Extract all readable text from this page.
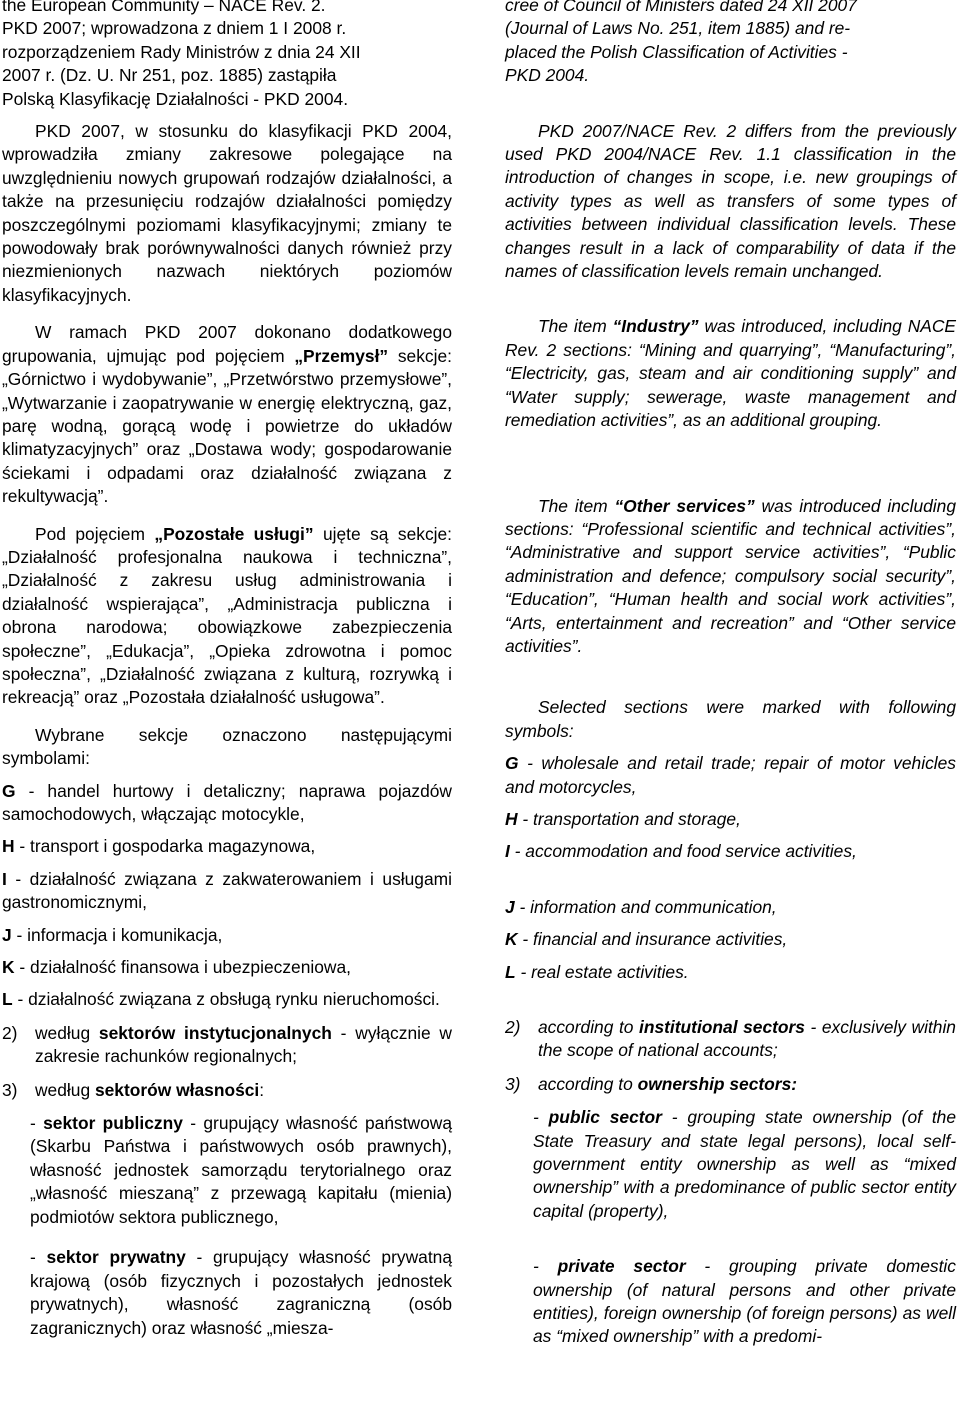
the European Community – NACE Rev. 2.
PKD 2007; wprowadzona z dniem 1 I 2008 r.
rozporządzeniem Rady Ministrów z dnia 24 XII
2007 r. (Dz. U. Nr 251, poz. 1885) zastąpiła
Polską Klasyfikację Działalności - PKD 2004.

PKD 2007, w stosunku do klasyfikacji PKD 2004, wprowadziła zmiany zakresowe polegające na uwzględnieniu nowych grupowań rodzajów działalności, a także na przesunięciu rodzajów działalności pomiędzy poszczególnymi poziomami klasyfikacyjnymi; zmiany te powodowały brak porównywalności danych również przy niezmienionych nazwach niektórych poziomów klasyfikacyjnych.

W ramach PKD 2007 dokonano dodatkowego grupowania, ujmując pod pojęciem „Przemysł” sekcje: „Górnictwo i wydobywanie”, „Przetwórstwo przemysłowe”, „Wytwarzanie i zaopatrywanie w energię elektryczną, gaz, parę wodną, gorącą wodę i powietrze do układów klimatyzacyjnych” oraz „Dostawa wody; gospodarowanie ściekami i odpadami oraz działalność związana z rekultywacją”.

Pod pojęciem „Pozostałe usługi” ujęte są sekcje: „Działalność profesjonalna naukowa i techniczna”, „Działalność z zakresu usług administrowania i działalność wspierająca”, „Administracja publiczna i obrona narodowa; obowiązkowe zabezpieczenia społeczne”, „Edukacja”, „Opieka zdrowotna i pomoc społeczna”, „Działalność związana z kulturą, rozrywką i rekreacją” oraz „Pozostała działalność usługowa”.

Wybrane sekcje oznaczono następującymi symbolami:

G - handel hurtowy i detaliczny; naprawa pojazdów samochodowych, włączając motocykle,

H - transport i gospodarka magazynowa,

I - działalność związana z zakwaterowaniem i usługami gastronomicznymi,

J - informacja i komunikacja,

K - działalność finansowa i ubezpieczeniowa,

L - działalność związana z obsługą rynku nieruchomości.

2)	według sektorów instytucjonalnych - wyłącznie w zakresie rachunków regionalnych;
3)	według sektorów własności:

- sektor publiczny - grupujący własność państwową (Skarbu Państwa i państwowych osób prawnych), własność jednostek samorządu terytorialnego oraz „własność mieszaną” z przewagą kapitału (mienia) podmiotów sektora publicznego,

- sektor prywatny - grupujący własność prywatną krajową (osób fizycznych i pozostałych jednostek prywatnych), własność zagraniczną (osób zagranicznych) oraz własność „miesza-

cree of Council of Ministers dated 24 XII 2007
(Journal of Laws No. 251, item 1885) and re-
placed the Polish Classification of Activities -
PKD 2004.

PKD 2007/NACE Rev. 2 differs from the previously used PKD 2004/NACE Rev. 1.1 classification in the introduction of changes in scope, i.e. new groupings of activity types as well as transfers of some types of activities between individual classification levels. These changes result in a lack of comparability of data if the names of classification levels remain unchanged.

The item “Industry” was introduced, including NACE Rev. 2 sections: “Mining and quarrying”, “Manufacturing”, “Electricity, gas, steam and air conditioning supply” and “Water supply; sewerage, waste management and remediation activities”, as an additional grouping.

The item “Other services” was introduced including sections: “Professional scientific and technical activities”, “Administrative and support service activities”, “Public administration and defence; compulsory social security”, “Education”, “Human health and social work activities”, “Arts, entertainment and recreation” and “Other service activities”.

Selected sections were marked with following symbols:

G - wholesale and retail trade; repair of motor vehicles and motorcycles,

H - transportation and storage,

I - accommodation and food service activities,

J - information and communication,

K - financial and insurance activities,

L - real estate activities.

2)	according to institutional sectors - exclusively within the scope of national accounts;
3)	according to ownership sectors:

- public sector - grouping state ownership (of the State Treasury and state legal persons), local self-government entity ownership as well as “mixed ownership” with a predominance of public sector entity capital (property),

- private sector - grouping private domestic ownership (of natural persons and other private entities), foreign ownership (of foreign persons) as well as “mixed ownership” with a predomi-
